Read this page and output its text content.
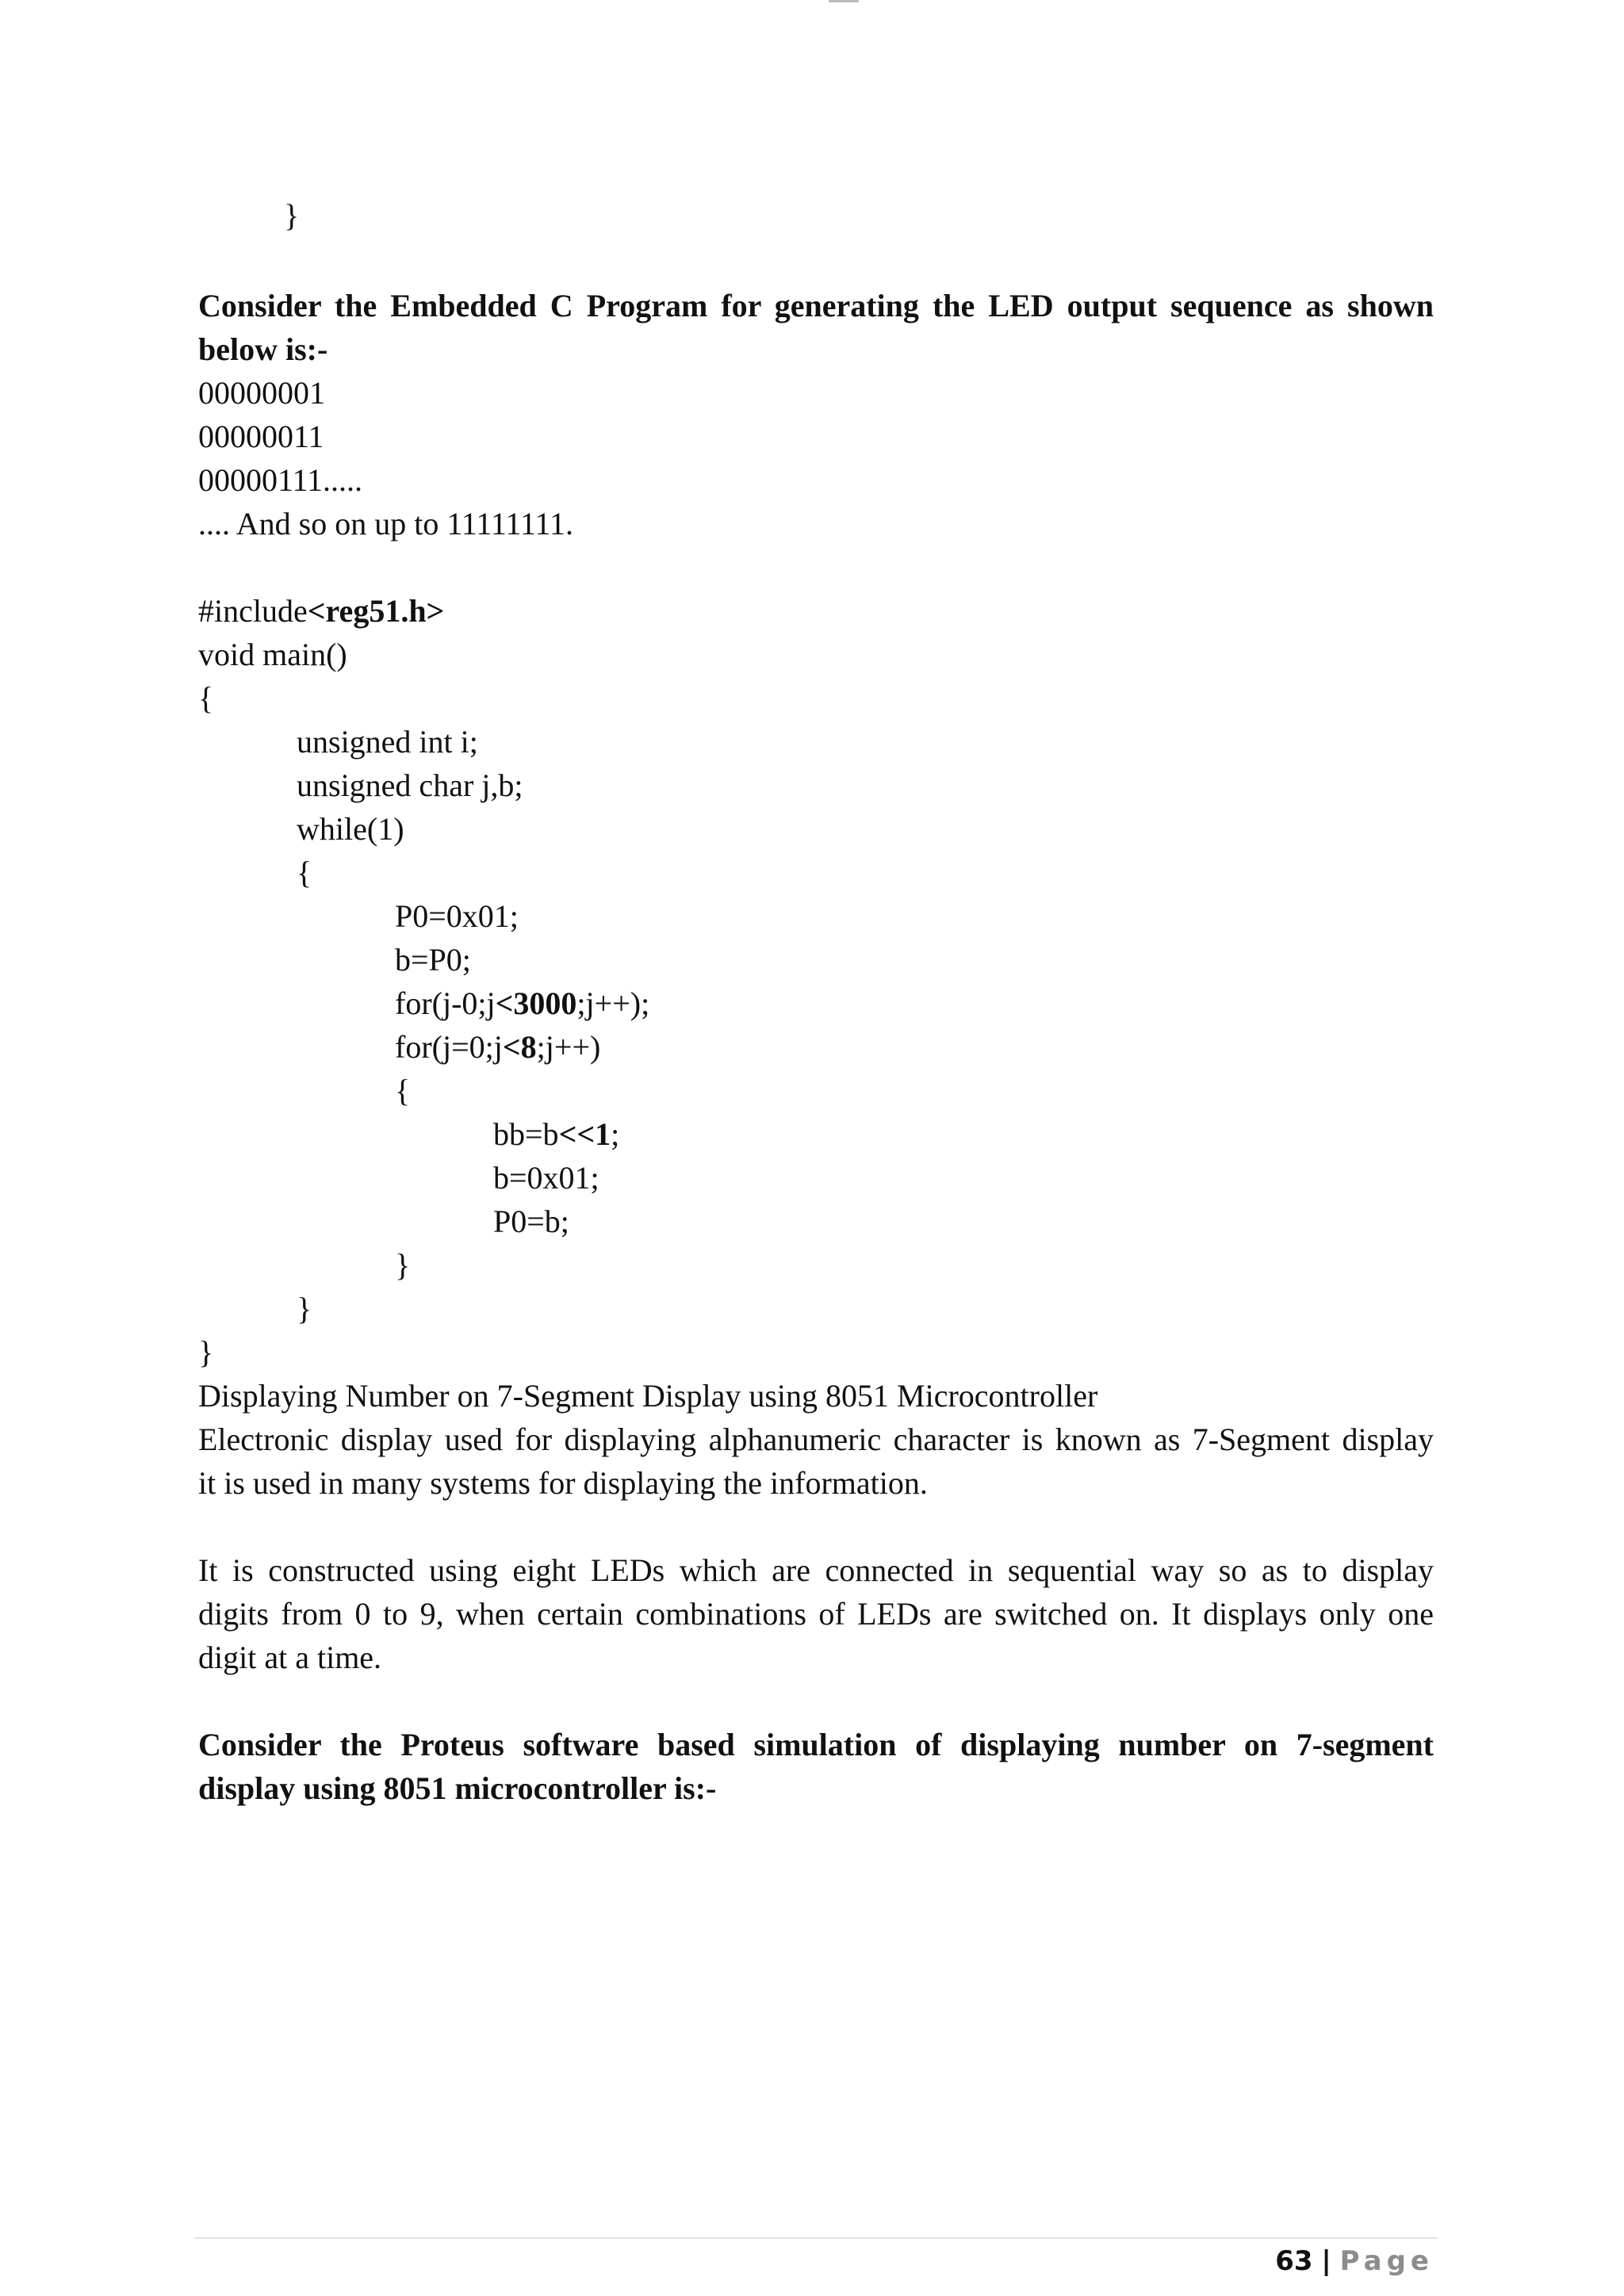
}
Consider the Embedded C Program for generating the LED output sequence as shown
below is:-
00000001
00000011
00000111.....
.... And so on up to 11111111.
#include<reg51.h>
void main()
{
unsigned int i;
unsigned char j,b;
while(1)
{
P0=0x01;
b=P0;
for(j-0;j<3000;j++);
for(j=0;j<8;j++)
{
bb=b<<1;
b=0x01;
P0=b;
}
}
}
Displaying Number on 7-Segment Display using 8051 Microcontroller
Electronic display used for displaying alphanumeric character is known as 7-Segment display
it is used in many systems for displaying the information.
It is constructed using eight LEDs which are connected in sequential way so as to display
digits from 0 to 9, when certain combinations of LEDs are switched on. It displays only one
digit at a time.
Consider the Proteus software based simulation of displaying number on 7-segment
display using 8051 microcontroller is:-
63 | Page
